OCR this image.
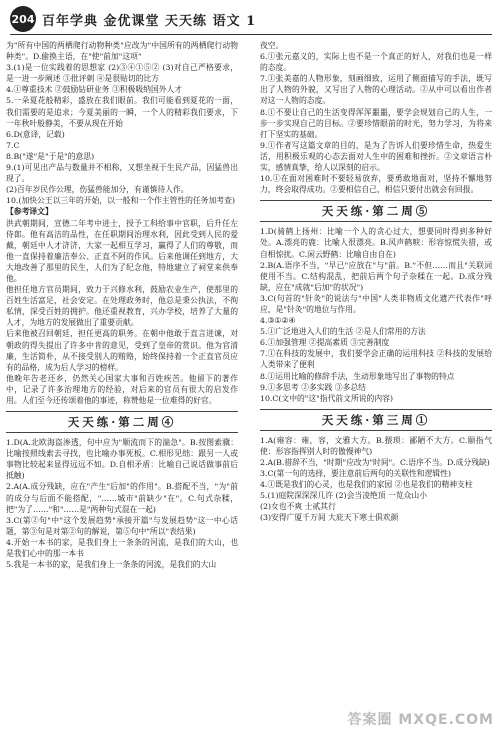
204 百年学典 金优课堂 天天练 语文 1

为"所有中国的两栖爬行动物种类"应改为"中国所有的两栖爬行动物种类"。D.偷换主语，在"使"前加"这项"

3.(1)是一位实践着的思想家 (2)③④①⑤② (3)对自己严格要求，是一进一步阐述 ③批评刺 ④是很贴切的比方

4.①尊重技术 ②鼓励钻研业务 ③积极吸纳国外人才

5.一朵夏花般精彩，盛放在我们眼前。我们可能看到夏花的一面，我们需要的是追求；今夏美丽的一瞬，一个人的精彩我们要求，下一年秋叶般静美，不要从现在开始

6.D(意译，记载)

7.C

8.B("遂"是"于是"的意思)

9.(1)可见出产品与数量并不相称，又想坐视于生民产品，因猛兽出现了。

(2)百年岁民作公理，伤猛兽能加分，有谨慎待人作。

10.(加快公王以三年的开始，以一般和一个作主管性的任务加考查)

【参考译文】

洪武朝期间，宣德二年考中进士，授予工科给事中官职，后升任左侍郎。他有高洁的品性，在任职期间治理水利，因此受到人民的爱戴，朝廷中人才济济，大家一起相互学习，赢得了人们的尊敬，而他一直保持着廉洁奉公、正直不阿的作风。后来他调任到地方，大大地改善了那里的民生，人们为了纪念他，特地建立了祠堂来供奉他。

他担任地方官员期间，致力于兴修水利，鼓励农业生产，使那里的百姓生活富足，社会安定。在处理政务时，他总是秉公执法，不徇私情，深受百姓的拥护。他还重视教育，兴办学校，培养了大量的人才，为地方的发展做出了重要贡献。

后来他被召回朝廷，担任更高的职务。在朝中他敢于直言进谏，对朝政的得失提出了许多中肯的意见，受到了皇帝的赏识。他为官清廉，生活简朴，从不接受别人的贿赂，始终保持着一个正直官员应有的品格，成为后人学习的榜样。

他晚年告老还乡，仍然关心国家大事和百姓疾苦。他留下的著作中，记录了许多治理地方的经验，对后来的官员有很大的启发作用。人们至今还传颂着他的事迹，称赞他是一位难得的好官。

天天练·第二周④

1.D(A.北欧海盗渗透，句中应为"顺流而下的湍急"。B.按图索骥：比喻按照线索去寻找，也比喻办事死板。C.相形见绌：跟另一人或事物比较起来显得远远不如。D.自相矛盾：比喻自己说话做事前后抵触)

2.A(A.成分残缺，应在"产生"后加"的作用"。B.搭配不当，"为"前的成分与后面不能搭配，"……城市"前缺少"在"。C.句式杂糅，把"为了……"和"……是"两种句式混在一起)

3.C(第②句"中"这个发展趋势"承接开篇"与发展趋势"这一中心话题，第③句是对第②句的解说，第⑤句中"所以"表结果)

4.开始一本书的家，是我们身上一条条的河流，是我们的大山，也是我们心中的那一本书

5.我是一本书的家，是我们身上一条条的河流，是我们的大山

夜空。

6.①张元嘉义的，实际上也不是一个真正的好人，对我们也是一样的态度。

7.①张美嘉的人物形象，刻画细致，运用了侧面描写的手法，既写出了人物的外貌，又写出了人物的心理活动。②从中可以看出作者对这一人物的态度。

8.①不要让自己的生活变得浑浑噩噩，要学会规划自己的人生，一步一步实现自己的目标。②要珍惜眼前的时光，努力学习，为将来打下坚实的基础。

9.①作者写这篇文章的目的，是为了告诉人们要珍惜生命，热爱生活，用积极乐观的心态去面对人生中的困难和挫折。②文章语言朴实，感情真挚，给人以深刻的启示。

10.①在面对困难时不要轻易放弃，要勇敢地面对，坚持不懈地努力，终会取得成功。②要相信自己，相信只要付出就会有回报。

天天练·第二周⑤

1.D(骑鹤上扬州：比喻一个人的贪心过大，想要同时得到多种好处。A.漂亮的鹿：比喻人很漂亮。B.风声鹤唳：形容惊慌失措，或自相惊扰。C.闲云野鹤：比喻自由自在)

2.B(A.语序不当，"早已"应放在"与"前。B."不但……而且"关联词使用不当。C.结构混乱，把前后两个句子杂糅在一起。D.成分残缺，应在"成就"后加"的状况")

3.C(句首的"针灸"的说法与"中国"人类非物质文化遗产代表作"呼应，是"针灸"的地位与作用。

4.③①②④

5.①广泛地进入人们的生活 ②是人们常用的方法

6.①加强管理 ②提高素质 ③完善制度

7.①在科技的发展中，我们要学会正确的运用科技 ②科技的发展给人类带来了便利

8.①运用比喻的修辞手法，生动形象地写出了事物的特点

9.①多思考 ②多实践 ③多总结

10.C(文中的"这"指代前文所说的内容)

天天练·第三周①

1.A(雍容：雍，容，文雅大方。B.猥琐：鄙陋不大方。C.颐指气使：形容指挥别人时的傲慢神气)

2.A(B.措辞不当，"时期"应改为"时间"。C.语序不当。D.成分残缺)

3.C(第一句的选择，要注意前后两句的关联性和逻辑性)

4.①既是我们的心灵，也是我们的家园 ②也是我们的精神支柱

5.(1)庭院深深深几许 (2)会当凌绝顶 一览众山小

(2)女也不爽 士贰其行

(3)安得广厦千万间 大庇天下寒士俱欢颜

答案圈 MXQE.COM
